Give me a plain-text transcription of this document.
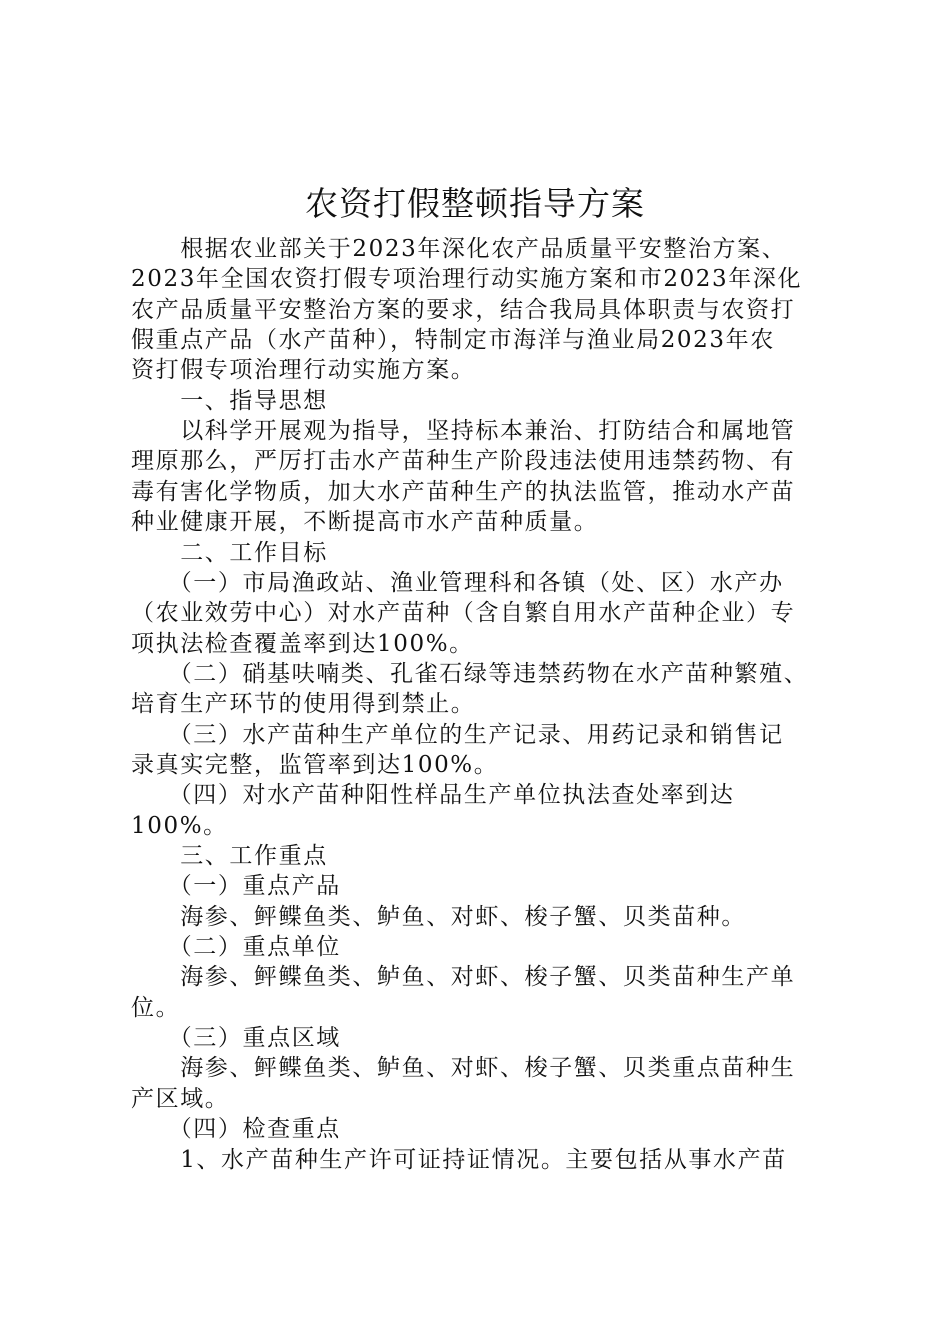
农资打假整顿指导方案

　　根据农业部关于2023年深化农产品质量平安整治方案、

2023年全国农资打假专项治理行动实施方案和市2023年深化

农产品质量平安整治方案的要求，结合我局具体职责与农资打

假重点产品（水产苗种），特制定市海洋与渔业局2023年农

资打假专项治理行动实施方案。

　　一、指导思想

　　以科学开展观为指导，坚持标本兼治、打防结合和属地管

理原那么，严厉打击水产苗种生产阶段违法使用违禁药物、有

毒有害化学物质，加大水产苗种生产的执法监管，推动水产苗

种业健康开展，不断提高市水产苗种质量。

　　二、工作目标

　　（一）市局渔政站、渔业管理科和各镇（处、区）水产办

（农业效劳中心）对水产苗种（含自繁自用水产苗种企业）专

项执法检查覆盖率到达100%。

　　（二）硝基呋喃类、孔雀石绿等违禁药物在水产苗种繁殖、

培育生产环节的使用得到禁止。

　　（三）水产苗种生产单位的生产记录、用药记录和销售记

录真实完整，监管率到达100%。

　　（四）对水产苗种阳性样品生产单位执法查处率到达

100%。

　　三、工作重点

　　（一）重点产品

　　海参、鲆鲽鱼类、鲈鱼、对虾、梭子蟹、贝类苗种。

　　（二）重点单位

　　海参、鲆鲽鱼类、鲈鱼、对虾、梭子蟹、贝类苗种生产单

位。

　　（三）重点区域

　　海参、鲆鲽鱼类、鲈鱼、对虾、梭子蟹、贝类重点苗种生

产区域。

　　（四）检查重点

　　1、水产苗种生产许可证持证情况。主要包括从事水产苗
